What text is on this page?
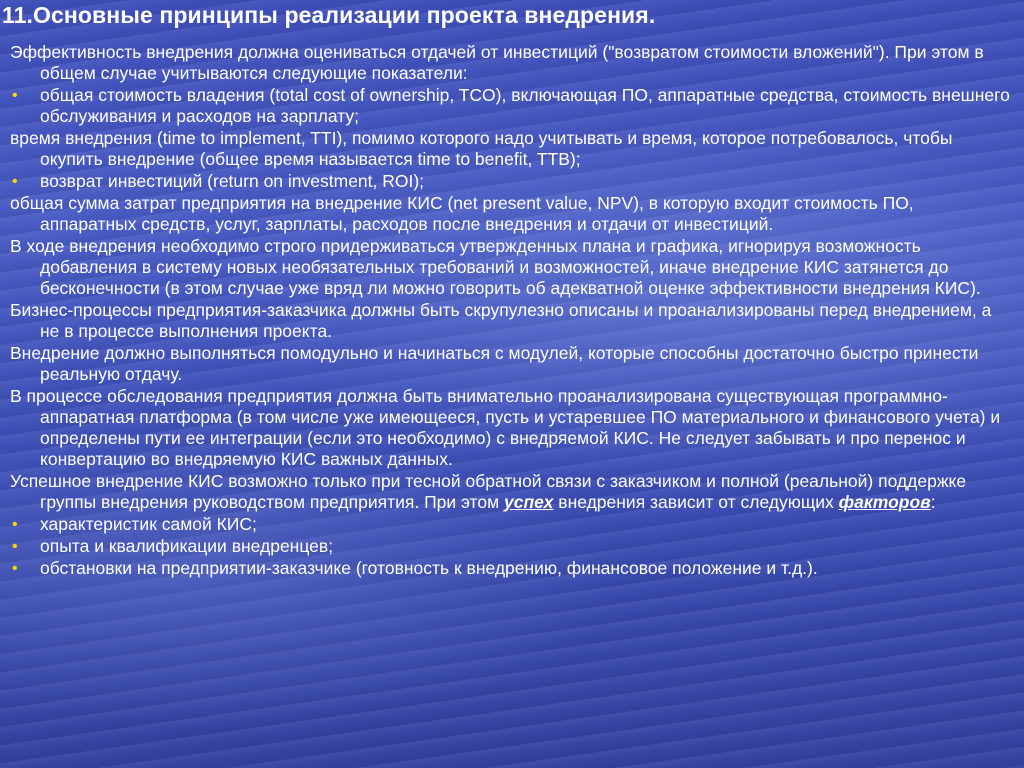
11.Основные принципы реализации проекта внедрения.

Эффективность внедрения должна оцениваться отдачей от инвестиций ("возвратом стоимости вложений"). При этом в общем случае учитываются следующие показатели:

• общая стоимость владения (total cost of ownership, TCO), включающая ПО, аппаратные средства, стоимость внешнего обслуживания и расходов на зарплату;

время внедрения (time to implement, TTI), помимо которого надо учитывать и время, которое потребовалось, чтобы окупить внедрение (общее время называется time to benefit, TTB);

• возврат инвестиций (return on investment, ROI);

общая сумма затрат предприятия на внедрение КИС (net present value, NPV), в которую входит стоимость ПО, аппаратных средств, услуг, зарплаты, расходов после внедрения и отдачи от инвестиций.

В ходе внедрения необходимо строго придерживаться утвержденных плана и графика, игнорируя возможность добавления в систему новых необязательных требований и возможностей, иначе внедрение КИС затянется до бесконечности (в этом случае уже вряд ли можно говорить об адекватной оценке эффективности внедрения КИС).

Бизнес-процессы предприятия-заказчика должны быть скрупулезно описаны и проанализированы перед внедрением, а не в процессе выполнения проекта.

Внедрение должно выполняться помодульно и начинаться с модулей, которые способны достаточно быстро принести реальную отдачу.

В процессе обследования предприятия должна быть внимательно проанализирована существующая программно-аппаратная платформа (в том числе уже имеющееся, пусть и устаревшее ПО материального и финансового учета) и определены пути ее интеграции (если это необходимо) с внедряемой КИС. Не следует забывать и про перенос и конвертацию во внедряемую КИС важных данных.

Успешное внедрение КИС возможно только при тесной обратной связи с заказчиком и полной (реальной) поддержке группы внедрения руководством предприятия. При этом успех внедрения зависит от следующих факторов:

• характеристик самой КИС;

• опыта и квалификации внедренцев;

• обстановки на предприятии-заказчике (готовность к внедрению, финансовое положение и т.д.).
